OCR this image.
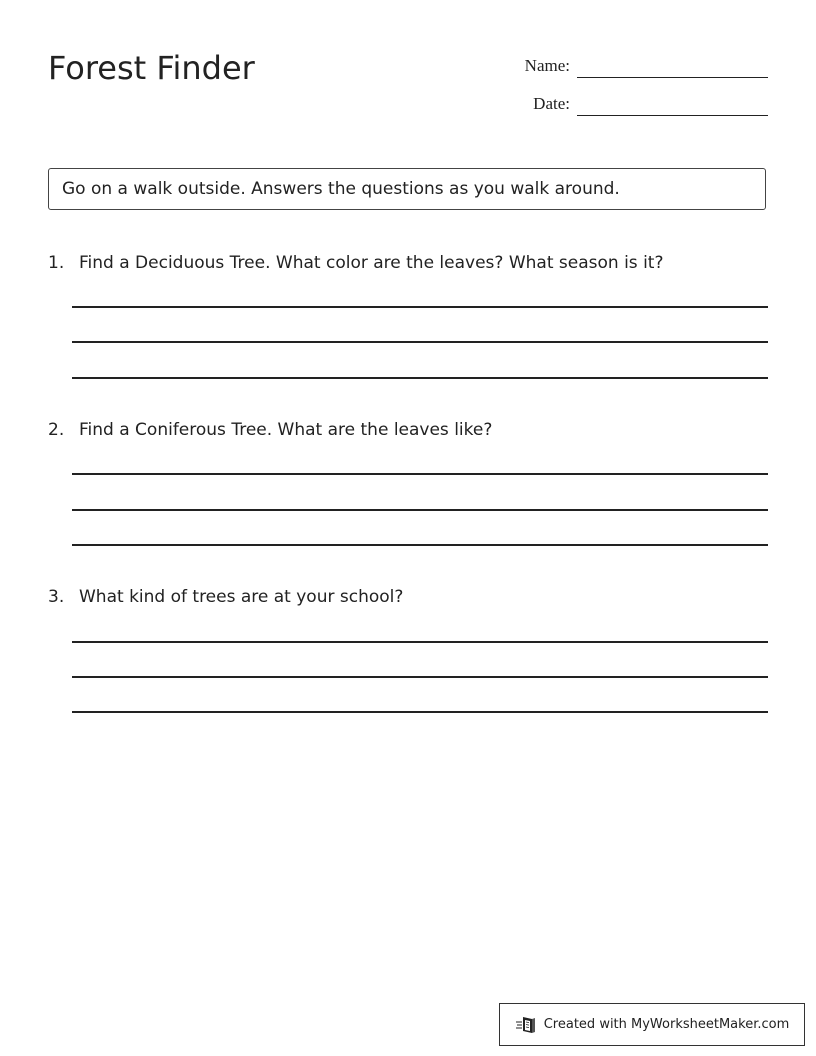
Forest Finder	Name:
Date:
Go on a walk outside. Answers the questions as you walk around.
1. Find a Deciduous Tree. What color are the leaves? What season is it?
2. Find a Coniferous Tree. What are the leaves like?
3. What kind of trees are at your school?
Created with MyWorksheetMaker.com
